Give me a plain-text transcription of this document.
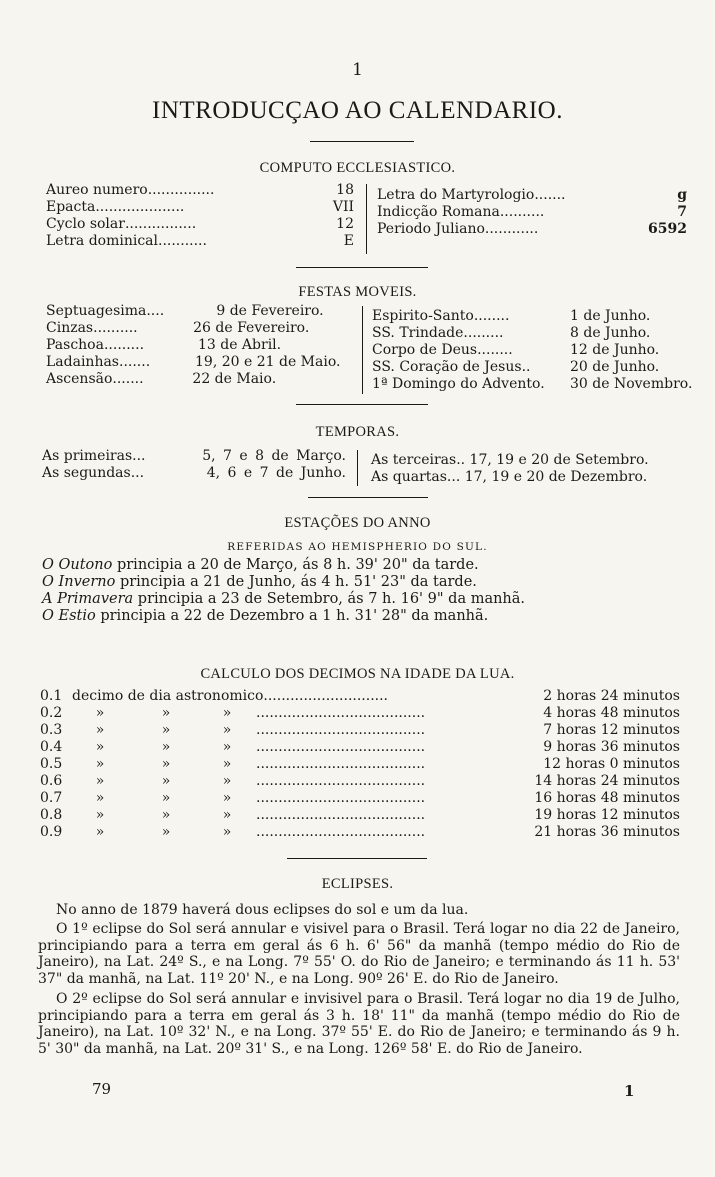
1
INTRODUCÇAO AO CALENDARIO.
COMPUTO ECCLESIASTICO.
Aureo numero ...............	18
Epacta ....................	VII
Cyclo solar ................	12
Letra dominical ...........	E
Letra do Martyrologio .......	g
Indicção Romana ..........	7
Periodo Juliano ............	6592
FESTAS MOVEIS.
Septuagesima ....	9 de Fevereiro.
Cinzas ..........	26 de Fevereiro.
Paschoa .........	13 de Abril.
Ladainhas .......	19, 20 e 21 de Maio.
Ascensão .......	22 de Maio.
Espirito-Santo ........	1 de Junho.
SS. Trindade .........	8 de Junho.
Corpo de Deus ........	12 de Junho.
SS. Coração de Jesus ..	20 de Junho.
1ª Domingo do Advento. 30 de Novembro.
TEMPORAS.
As primeiras ...	5, 7 e 8 de Março.
As segundas ...	4, 6 e 7 de Junho.
As terceiras.. 17, 19 e 20 de Setembro.
As quartas... 17, 19 e 20 de Dezembro.
ESTAÇÕES DO ANNO
REFERIDAS AO HEMISPHERIO DO SUL.
O Outono principia a 20 de Março, ás 8 h. 39' 20" da tarde.
O Inverno principia a 21 de Junho, ás 4 h. 51' 23" da tarde.
A Primavera principia a 23 de Setembro, ás 7 h. 16' 9" da manhã.
O Estio principia a 22 de Dezembro a 1 h. 31' 28" da manhã.
CALCULO DOS DECIMOS NA IDADE DA LUA.
0.1 decimo de dia astronomico ............................	2 horas 24 minutos
0.2	»	»	»	......................................	4 horas 48 minutos
0.3	»	»	»	......................................	7 horas 12 minutos
0.4	»	»	»	......................................	9 horas 36 minutos
0.5	»	»	»	......................................	12 horas 0 minutos
0.6	»	»	»	......................................	14 horas 24 minutos
0.7	»	»	»	......................................	16 horas 48 minutos
0.8	»	»	»	......................................	19 horas 12 minutos
0.9	»	»	»	......................................	21 horas 36 minutos
ECLIPSES.
No anno de 1879 haverá dous eclipses do sol e um da lua.
O 1º eclipse do Sol será annular e visivel para o Brasil. Terá logar no dia 22 de Janeiro, principiando para a terra em geral ás 6 h. 6' 56" da manhã (tempo médio do Rio de Janeiro), na Lat. 24º S., e na Long. 7º 55' O. do Rio de Janeiro; e terminando ás 11 h. 53' 37" da manhã, na Lat. 11º 20' N., e na Long. 90º 26' E. do Rio de Janeiro.
O 2º eclipse do Sol será annular e invisivel para o Brasil. Terá logar no dia 19 de Julho, principiando para a terra em geral ás 3 h. 18' 11" da manhã (tempo médio do Rio de Janeiro), na Lat. 10º 32' N., e na Long. 37º 55' E. do Rio de Janeiro; e terminando ás 9 h. 5' 30" da manhã, na Lat. 20º 31' S., e na Long. 126º 58' E. do Rio de Janeiro.
79	1
